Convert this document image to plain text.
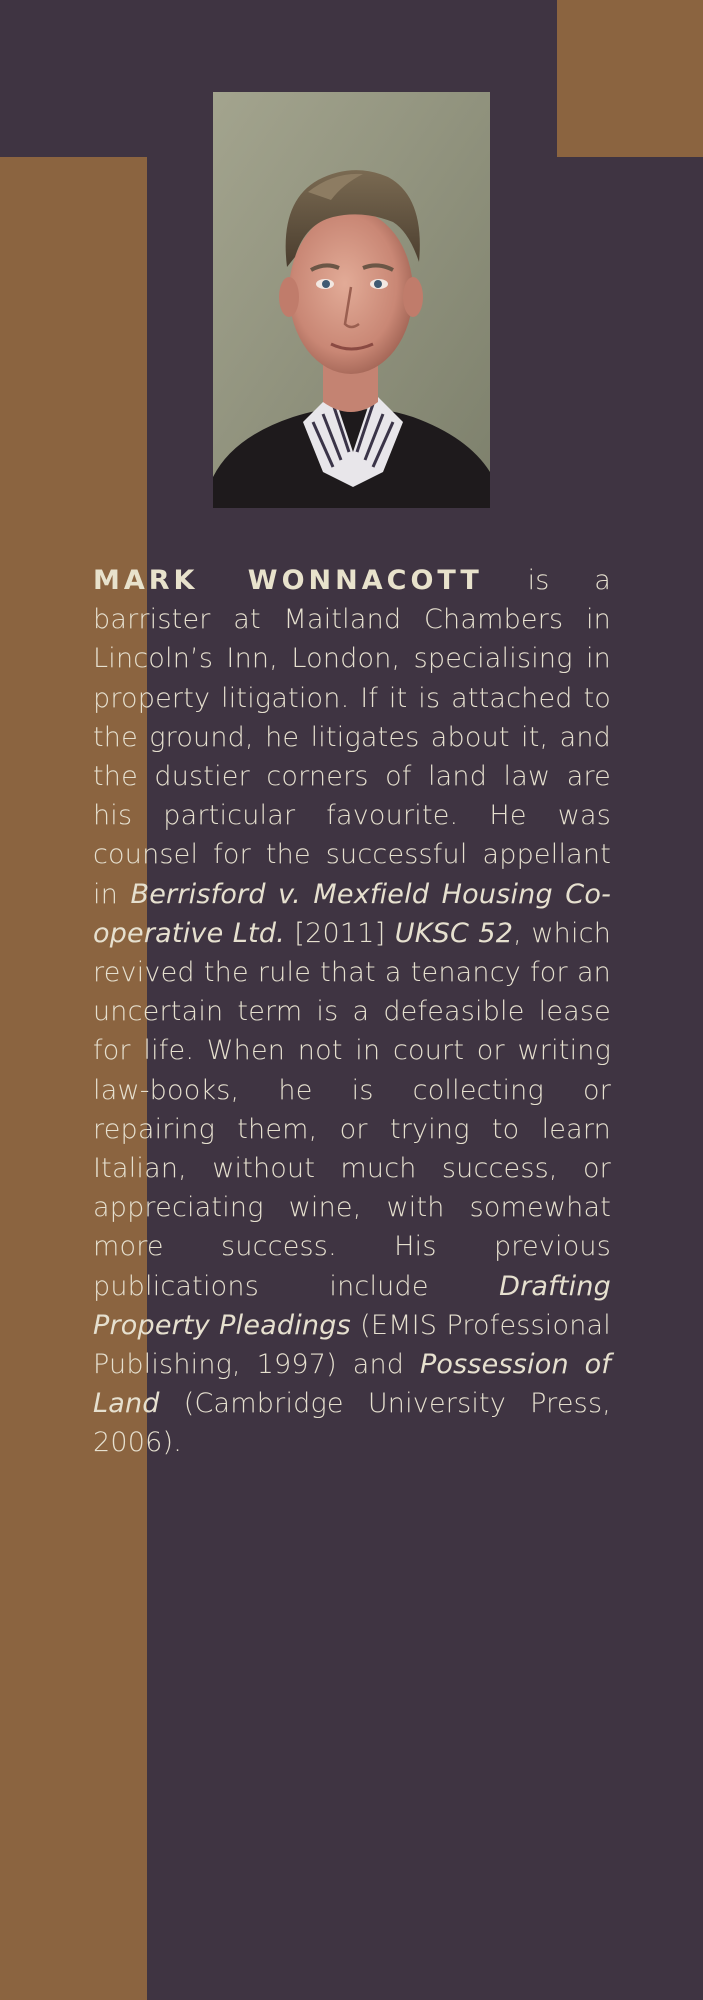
MARK WONNACOTT is a barrister at Maitland Chambers in Lincoln’s Inn, London, specialising in property litigation. If it is attached to the ground, he litigates about it, and the dustier corners of land law are his particular favourite. He was counsel for the successful appellant in Berrisford v. Mexfield Housing Co-operative Ltd. [2011] UKSC 52, which revived the rule that a tenancy for an uncertain term is a defeasible lease for life. When not in court or writing law-books, he is collecting or repairing them, or trying to learn Italian, without much success, or appreciating wine, with somewhat more success. His previous publications include Drafting Property Pleadings (EMIS Professional Publishing, 1997) and Possession of Land (Cambridge University Press, 2006).
